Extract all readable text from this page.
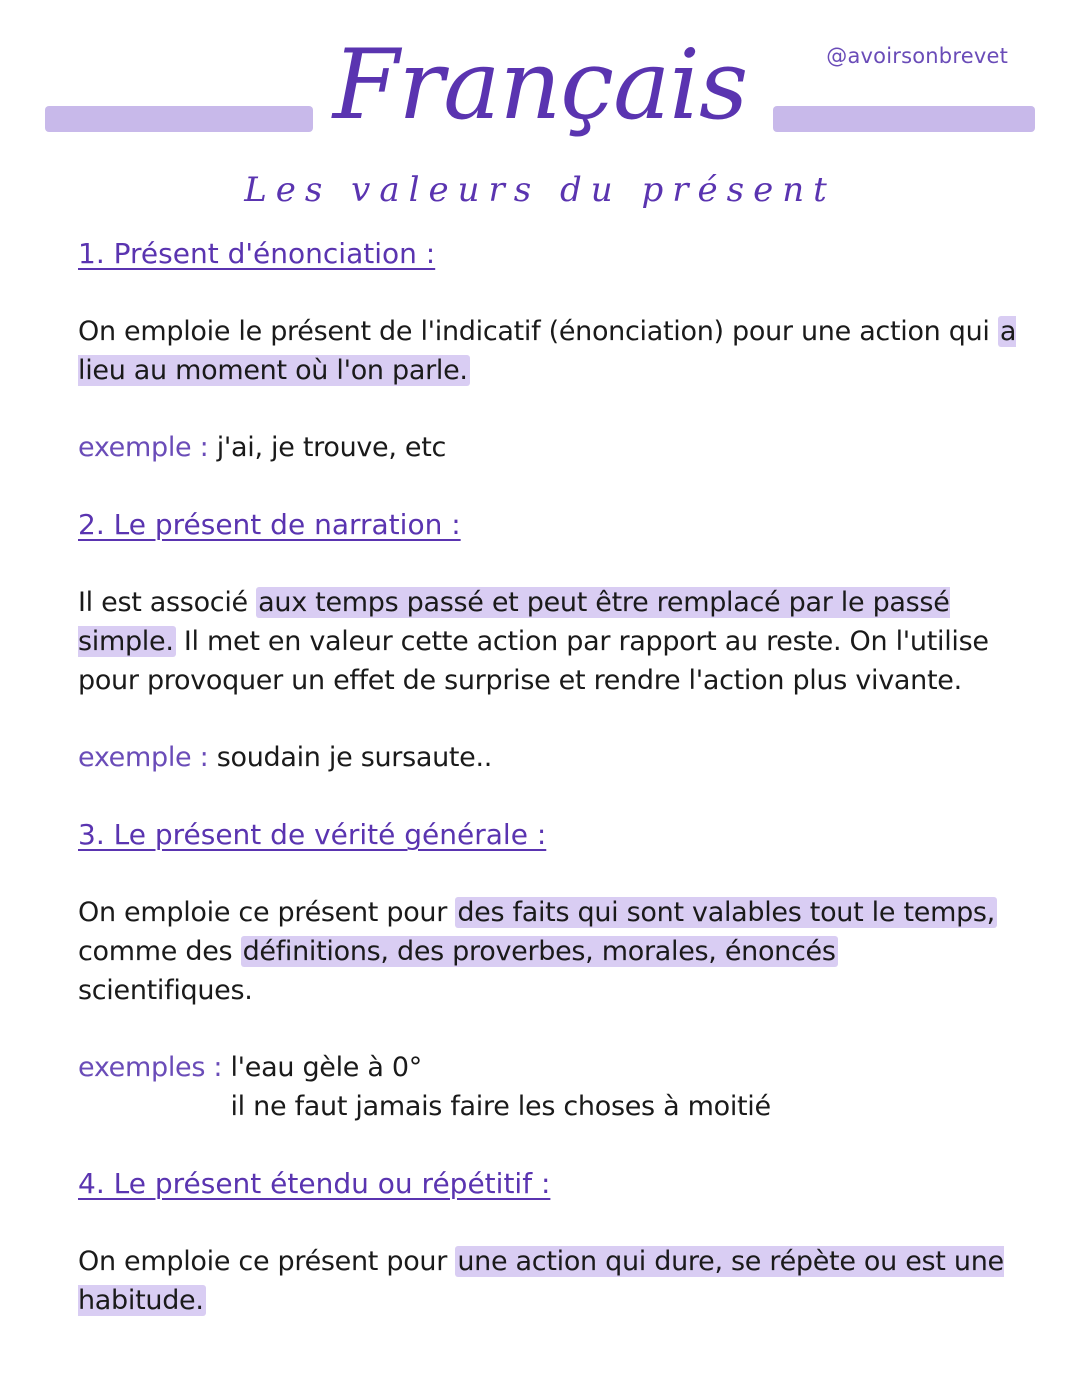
@avoirsonbrevet
Français
Les valeurs du présent

1. Présent d'énonciation :

On emploie le présent de l'indicatif (énonciation) pour une action qui a lieu au moment où l'on parle.

exemple : j'ai, je trouve, etc

2. Le présent de narration :

Il est associé aux temps passé et peut être remplacé par le passé simple. Il met en valeur cette action par rapport au reste. On l'utilise pour provoquer un effet de surprise et rendre l'action plus vivante.

exemple : soudain je sursaute..

3. Le présent de vérité générale :

On emploie ce présent pour des faits qui sont valables tout le temps, comme des définitions, des proverbes, morales, énoncés scientifiques.

exemples : l'eau gèle à 0°
il ne faut jamais faire les choses à moitié

4. Le présent étendu ou répétitif :

On emploie ce présent pour une action qui dure, se répète ou est une habitude.
